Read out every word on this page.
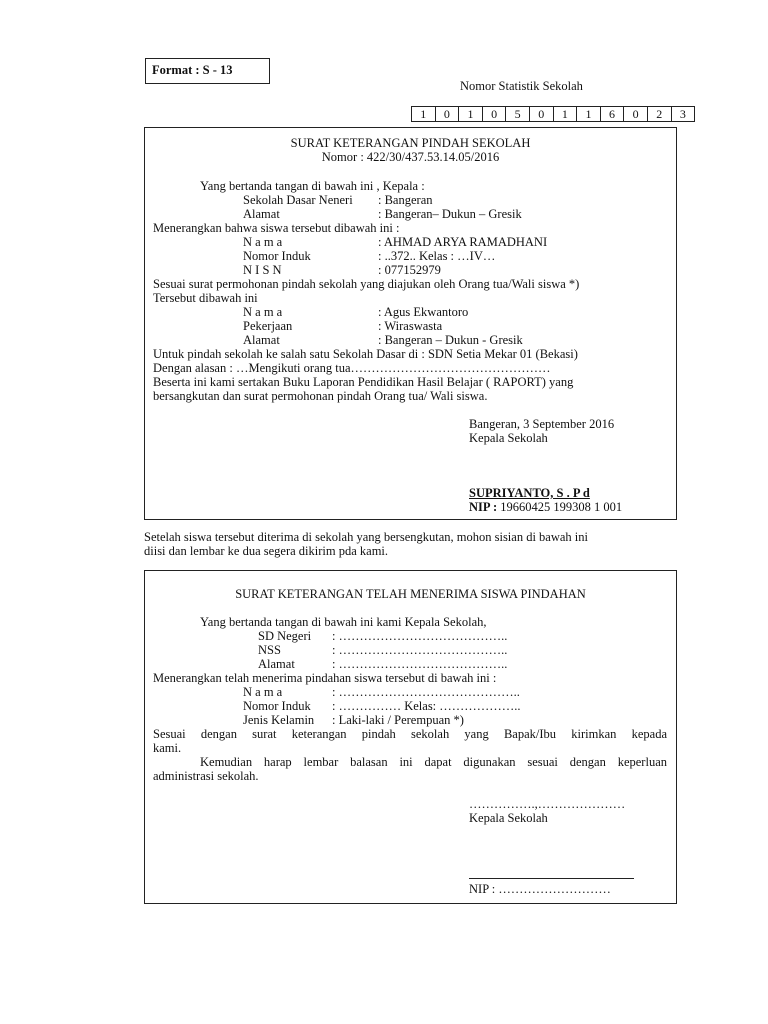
Format : S - 13
Nomor Statistik Sekolah
1	0	1	0	5	0	1	1	6	0	2	3
SURAT KETERANGAN PINDAH SEKOLAH
Nomor : 422/30/437.53.14.05/2016
Yang bertanda tangan di bawah ini , Kepala :
Sekolah Dasar Neneri : Bangeran
Alamat	: Bangeran– Dukun – Gresik
Menerangkan bahwa siswa tersebut dibawah ini :
N a m a	: AHMAD ARYA RAMADHANI
Nomor Induk	: ..372.. Kelas : …IV…
N I S N	: 077152979
Sesuai surat permohonan pindah sekolah yang diajukan oleh Orang tua/Wali siswa *)
Tersebut dibawah ini
N a m a	: Agus Ekwantoro
Pekerjaan	: Wiraswasta
Alamat	: Bangeran – Dukun - Gresik
Untuk pindah sekolah ke salah satu Sekolah Dasar di : SDN Setia Mekar 01 (Bekasi)
Dengan alasan : …Mengikuti orang tua…………………………………………
Beserta ini kami sertakan Buku Laporan Pendidikan Hasil Belajar ( RAPORT) yang
bersangkutan dan surat permohonan pindah Orang tua/ Wali siswa.
Bangeran, 3 September 2016
Kepala Sekolah
SUPRIYANTO, S . P d
NIP : 19660425 199308 1 001
Setelah siswa tersebut diterima di sekolah yang bersengkutan, mohon sisian di bawah ini
diisi dan lembar ke dua segera dikirim pda kami.
SURAT KETERANGAN TELAH MENERIMA SISWA PINDAHAN
Yang bertanda tangan di bawah ini kami Kepala Sekolah,
SD Negeri : …………………………………..
NSS	: …………………………………..
Alamat	: …………………………………..
Menerangkan telah menerima pindahan siswa tersebut di bawah ini :
N a m a	: ……………………………………..
Nomor Induk : …………… Kelas: ………………..
Jenis Kelamin : Laki-laki / Perempuan *)
Sesuai dengan surat keterangan pindah sekolah yang Bapak/Ibu kirimkan kepada
kami.
Kemudian harap lembar balasan ini dapat digunakan sesuai dengan keperluan
administrasi sekolah.
…………….,…………………
Kepala Sekolah
NIP : ………………………
